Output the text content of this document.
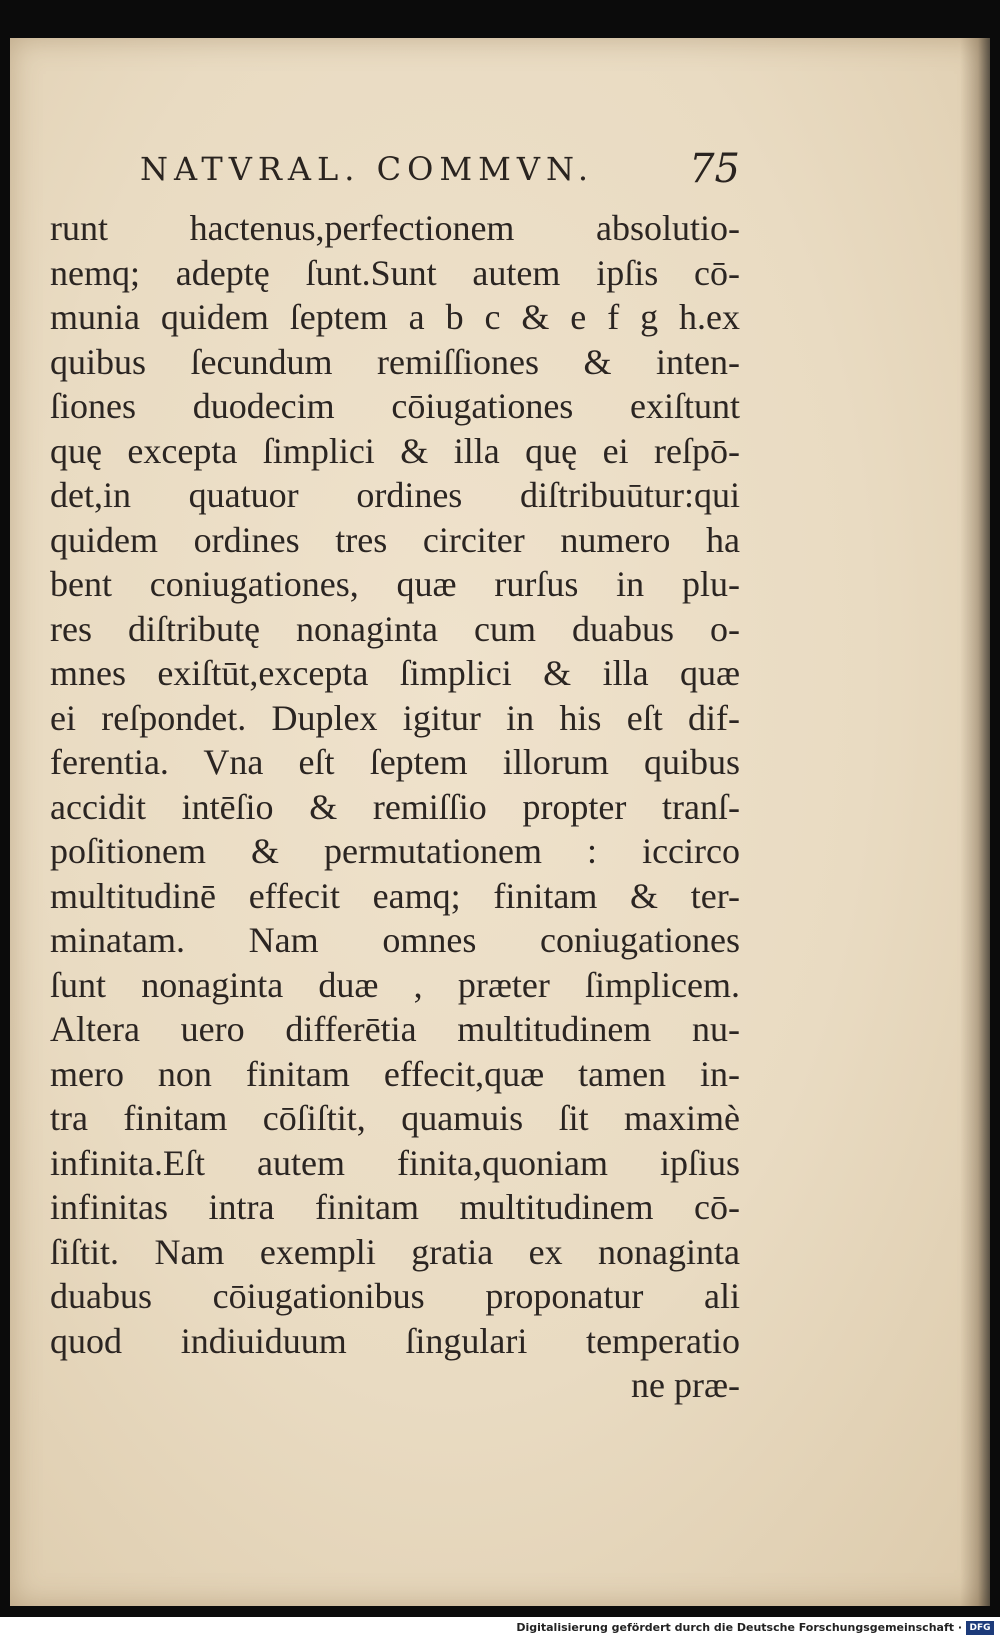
NATVRAL. COMMVN. 75
runt hactenus,perfectionem absolutio-
nemq; adeptę ſunt.Sunt autem ipſis cō-
munia quidem ſeptem a b c & e f g h.ex
quibus ſecundum remiſſiones & inten-
ſiones duodecim cōiugationes exiſtunt
quę excepta ſimplici & illa quę ei reſpō-
det,in quatuor ordines diſtribuūtur:qui
quidem ordines tres circiter numero ha
bent coniugationes, quæ rurſus in plu-
res diſtributę nonaginta cum duabus o-
mnes exiſtūt,excepta ſimplici & illa quæ
ei reſpondet. Duplex igitur in his eſt dif-
ferentia. Vna eſt ſeptem illorum quibus
accidit intēſio & remiſſio propter tranſ-
poſitionem & permutationem : iccirco
multitudinē effecit eamq; finitam & ter-
minatam. Nam omnes coniugationes
ſunt nonaginta duæ , præter ſimplicem.
Altera uero differētia multitudinem nu-
mero non finitam effecit,quæ tamen in-
tra finitam cōſiſtit, quamuis ſit maximè
infinita.Eſt autem finita,quoniam ipſius
infinitas intra finitam multitudinem cō-
ſiſtit. Nam exempli gratia ex nonaginta
duabus cōiugationibus proponatur ali
quod indiuiduum ſingulari temperatio
ne præ-
Digitalisierung gefördert durch die Deutsche Forschungsgemeinschaft · DFG
